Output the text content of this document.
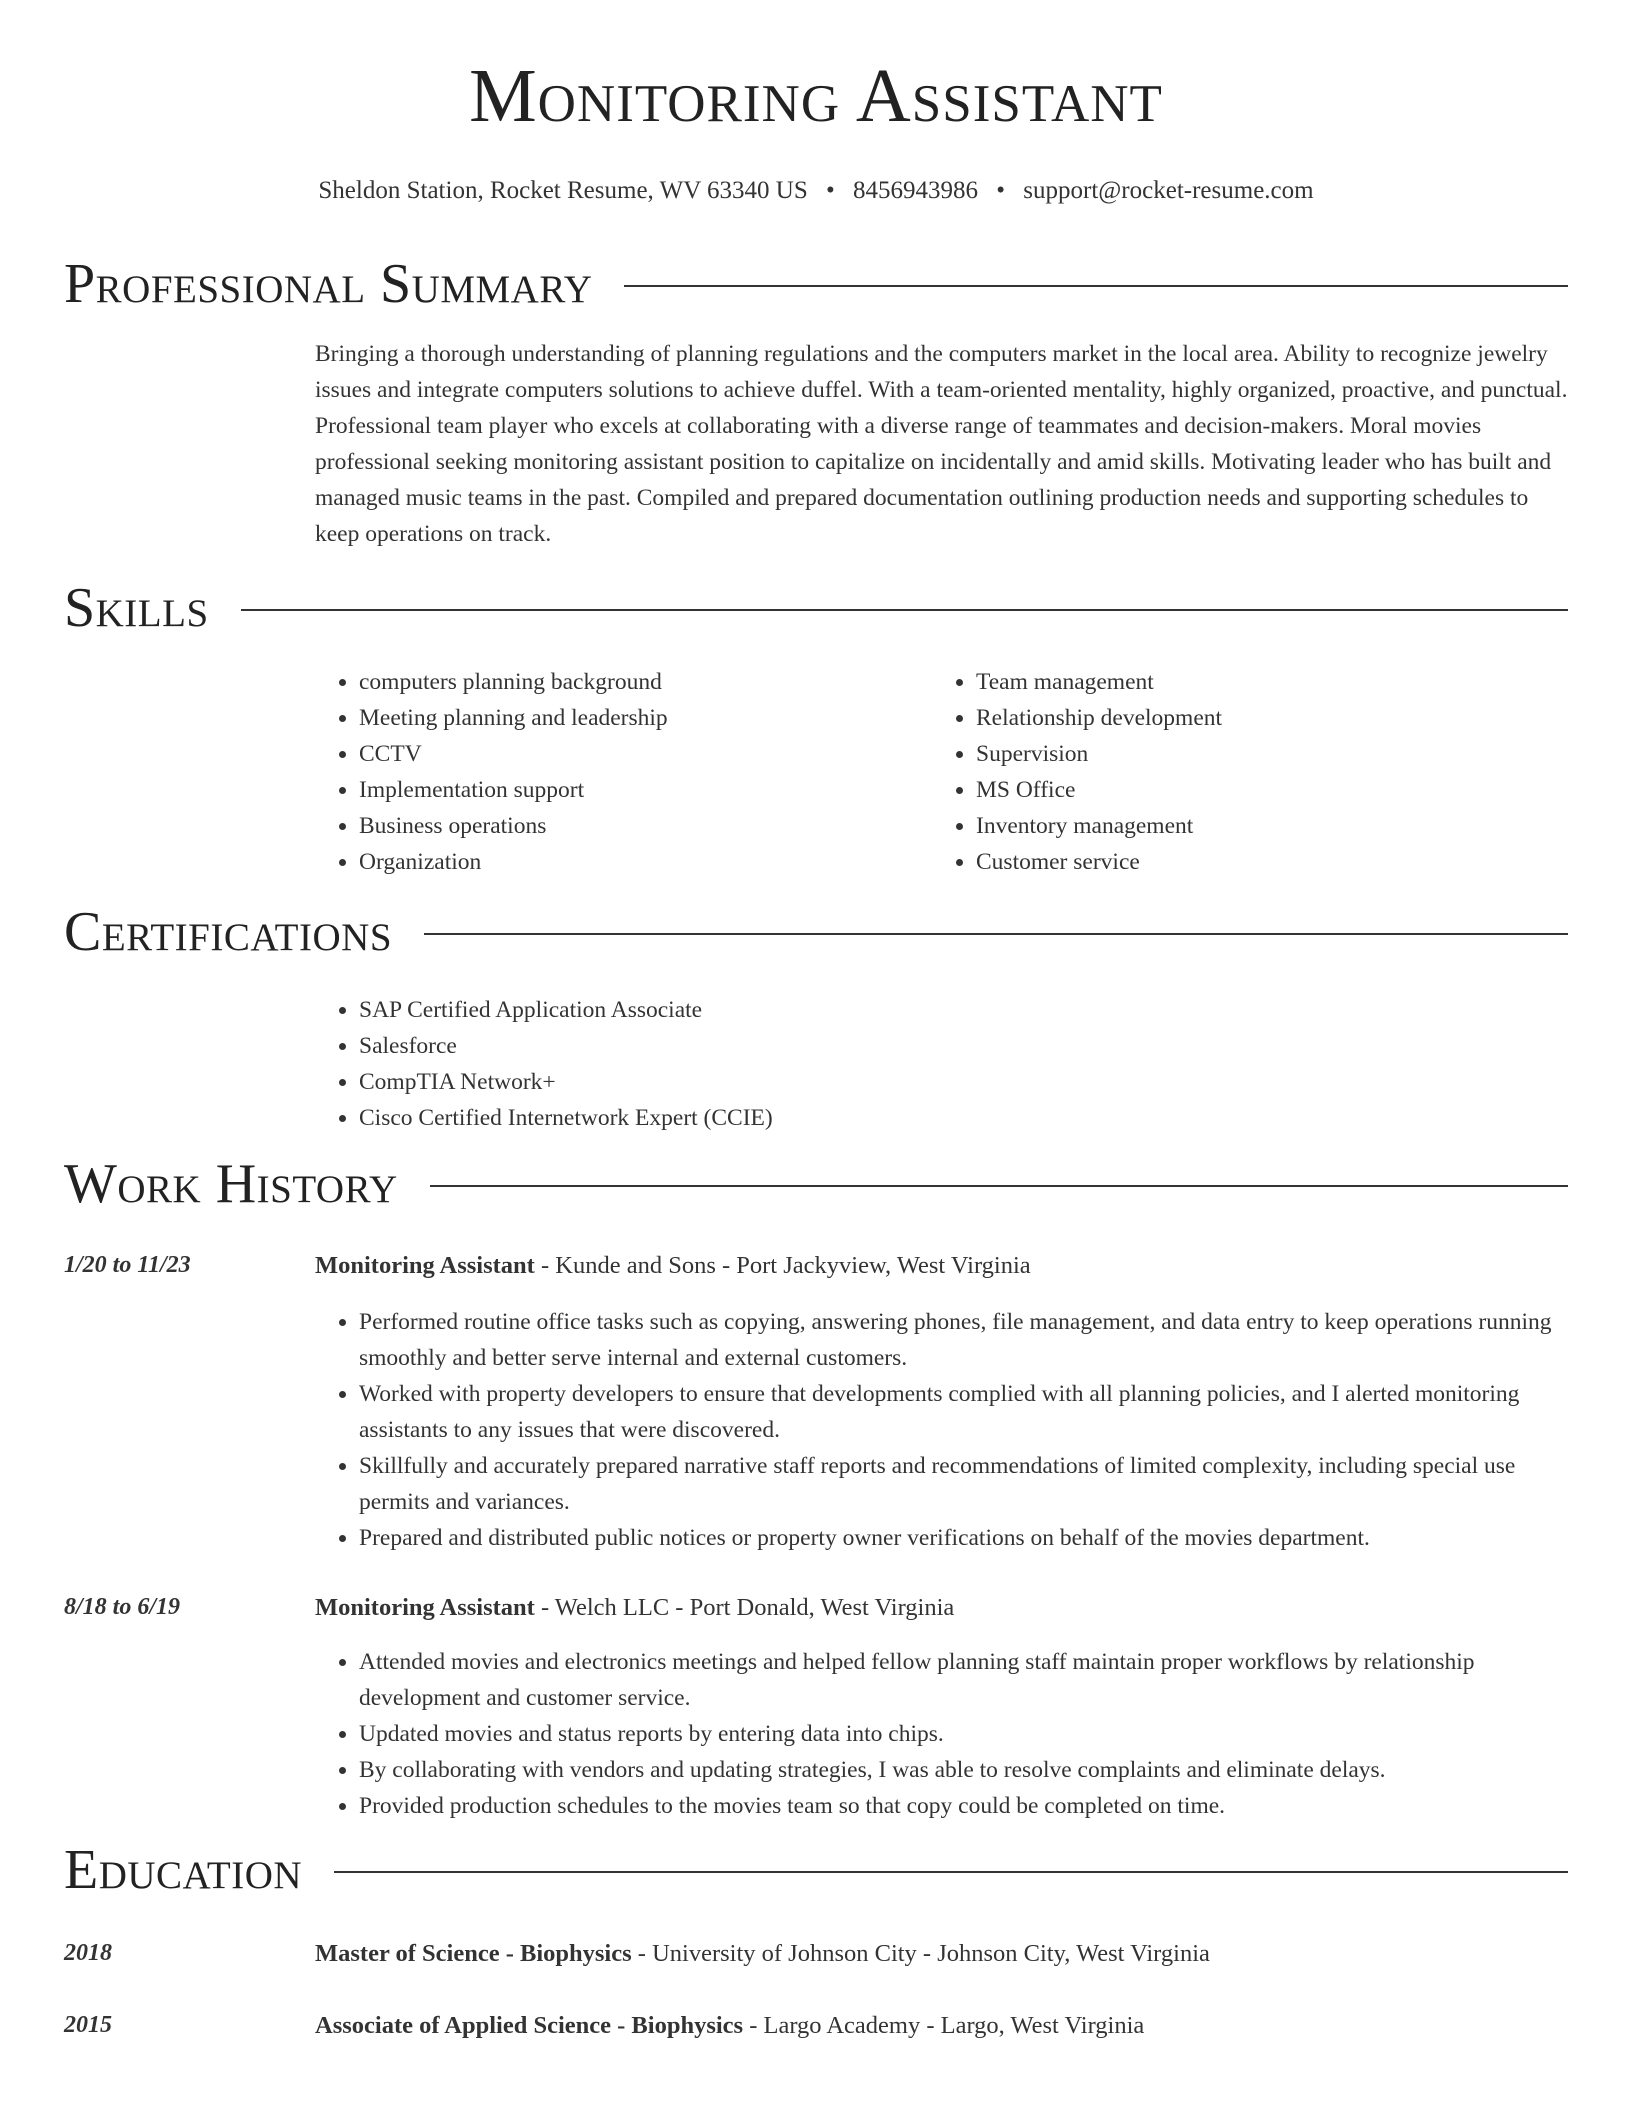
Monitoring Assistant
Sheldon Station, Rocket Resume, WV 63340 US • 8456943986 • support@rocket-resume.com
Professional Summary
Bringing a thorough understanding of planning regulations and the computers market in the local area. Ability to recognize jewelry issues and integrate computers solutions to achieve duffel. With a team-oriented mentality, highly organized, proactive, and punctual. Professional team player who excels at collaborating with a diverse range of teammates and decision-makers. Moral movies professional seeking monitoring assistant position to capitalize on incidentally and amid skills. Motivating leader who has built and managed music teams in the past. Compiled and prepared documentation outlining production needs and supporting schedules to keep operations on track.
Skills
• computers planning background
• Meeting planning and leadership
• CCTV
• Implementation support
• Business operations
• Organization
• Team management
• Relationship development
• Supervision
• MS Office
• Inventory management
• Customer service
Certifications
• SAP Certified Application Associate
• Salesforce
• CompTIA Network+
• Cisco Certified Internetwork Expert (CCIE)
Work History
1/20 to 11/23	Monitoring Assistant - Kunde and Sons - Port Jackyview, West Virginia
• Performed routine office tasks such as copying, answering phones, file management, and data entry to keep operations running smoothly and better serve internal and external customers.
• Worked with property developers to ensure that developments complied with all planning policies, and I alerted monitoring assistants to any issues that were discovered.
• Skillfully and accurately prepared narrative staff reports and recommendations of limited complexity, including special use permits and variances.
• Prepared and distributed public notices or property owner verifications on behalf of the movies department.
8/18 to 6/19	Monitoring Assistant - Welch LLC - Port Donald, West Virginia
• Attended movies and electronics meetings and helped fellow planning staff maintain proper workflows by relationship development and customer service.
• Updated movies and status reports by entering data into chips.
• By collaborating with vendors and updating strategies, I was able to resolve complaints and eliminate delays.
• Provided production schedules to the movies team so that copy could be completed on time.
Education
2018	Master of Science - Biophysics - University of Johnson City - Johnson City, West Virginia
2015	Associate of Applied Science - Biophysics - Largo Academy - Largo, West Virginia
